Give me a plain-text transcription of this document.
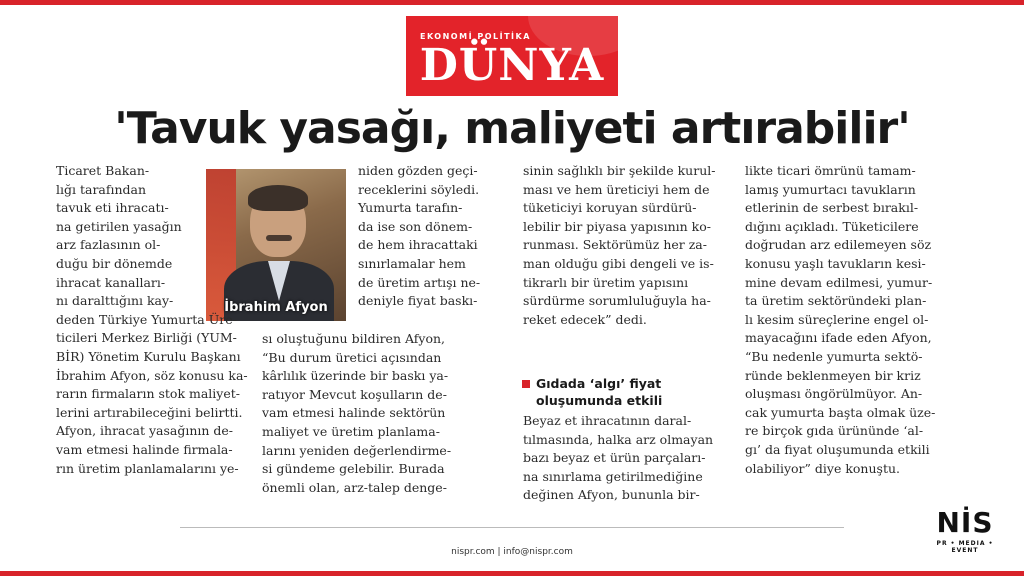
EKONOMİ POLİTİKA
DÜNYA
'Tavuk yasağı, maliyeti artırabilir'
İbrahim Afyon

Ticaret Bakan-

lığı tarafından

tavuk eti ihracatı-

na getirilen yasağın

arz fazlasının ol-

duğu bir dönemde

ihracat kanalları-

nı daralttığını kay-

deden Türkiye Yumurta Üre-

ticileri Merkez Birliği (YUM-

BİR) Yönetim Kurulu Başkanı

İbrahim Afyon, söz konusu ka-

rarın firmaların stok maliyet-

lerini artırabileceğini belirtti.

Afyon, ihracat yasağının de-

vam etmesi halinde firmala-

rın üretim planlamalarını ye-

niden gözden geçi-

receklerini söyledi.

Yumurta tarafın-

da ise son dönem-

de hem ihracattaki

sınırlamalar hem

de üretim artışı ne-

deniyle fiyat baskı-

sı oluştuğunu bildiren Afyon,

“Bu durum üretici açısından

kârlılık üzerinde bir baskı ya-

ratıyor Mevcut koşulların de-

vam etmesi halinde sektörün

maliyet ve üretim planlama-

larını yeniden değerlendirme-

si gündeme gelebilir. Burada

önemli olan, arz-talep denge-

sinin sağlıklı bir şekilde kurul-

ması ve hem üreticiyi hem de

tüketiciyi koruyan sürdürü-

lebilir bir piyasa yapısının ko-

runması. Sektörümüz her za-

man olduğu gibi dengeli ve is-

tikrarlı bir üretim yapısını

sürdürme sorumluluğuyla ha-

reket edecek” dedi.

Gıdada ‘algı’ fiyat oluşumunda etkili

Beyaz et ihracatının daral-

tılmasında, halka arz olmayan

bazı beyaz et ürün parçaları-

na sınırlama getirilmediğine

değinen Afyon, bununla bir-

likte ticari ömrünü tamam-

lamış yumurtacı tavukların

etlerinin de serbest bırakıl-

dığını açıkladı. Tüketicilere

doğrudan arz edilemeyen söz

konusu yaşlı tavukların kesi-

mine devam edilmesi, yumur-

ta üretim sektöründeki plan-

lı kesim süreçlerine engel ol-

mayacağını ifade eden Afyon,

“Bu nedenle yumurta sektö-

ründe beklenmeyen bir kriz

oluşması öngörülmüyor. An-

cak yumurta başta olmak üze-

re birçok gıda ürününde ‘al-

gı’ da fiyat oluşumunda etkili

olabiliyor” diye konuştu.

nispr.com | info@nispr.com
NİS
PR • MEDIA • EVENT
